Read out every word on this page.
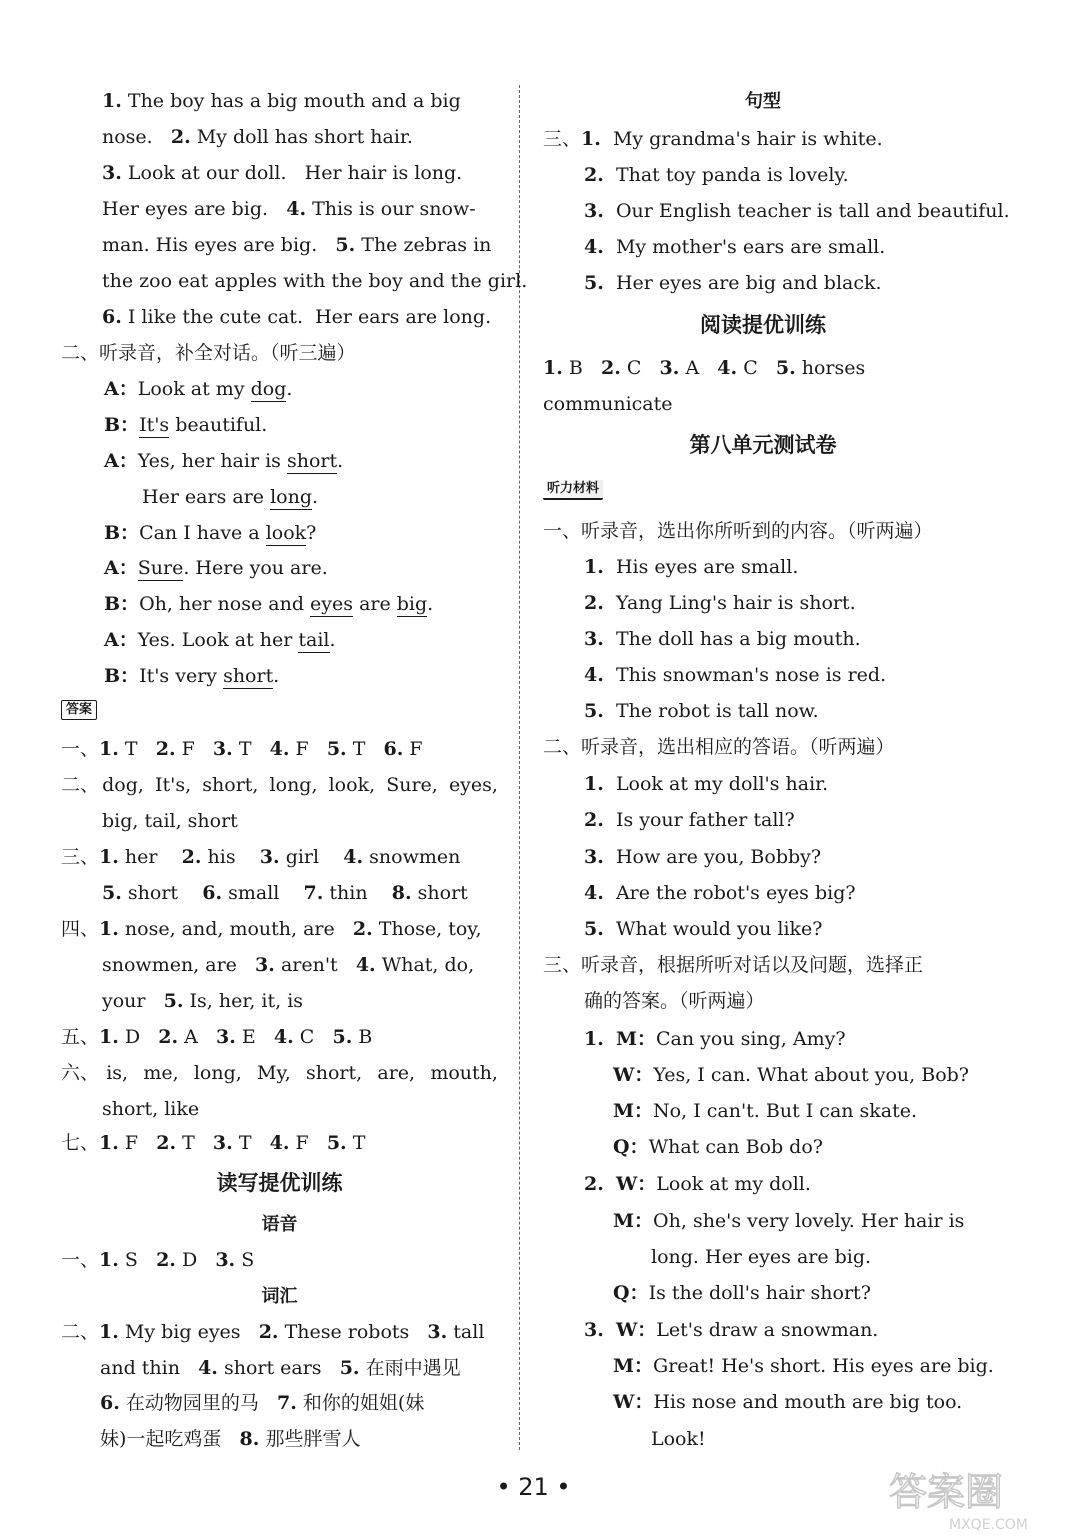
1. The boy has a big mouth and a big
nose. 2. My doll has short hair.
3. Look at our doll. Her hair is long.
Her eyes are big. 4. This is our snow-
man. His eyes are big. 5. The zebras in
the zoo eat apples with the boy and the girl.
6. I like the cute cat. Her ears are long.
二、听录音，补全对话。（听三遍）
A：Look at my dog.
B：It's beautiful.
A：Yes, her hair is short.
Her ears are long.
B：Can I have a look?
A：Sure. Here you are.
B：Oh, her nose and eyes are big.
A：Yes. Look at her tail.
B：It's very short.
答案
一、1. T 2. F 3. T 4. F 5. T 6. F
二、 dog, It's, short, long, look, Sure, eyes,
big, tail, short
三、1. her 2. his 3. girl 4. snowmen
5. short 6. small 7. thin 8. short
四、1. nose, and, mouth, are 2. Those, toy,
snowmen, are 3. aren't 4. What, do,
your 5. Is, her, it, is
五、1. D 2. A 3. E 4. C 5. B
六、 is, me, long, My, short, are, mouth,
short, like
七、1. F 2. T 3. T 4. F 5. T
读写提优训练
语音
一、1. S 2. D 3. S
词汇
二、1. My big eyes 2. These robots 3. tall
and thin 4. short ears 5. 在雨中遇见
6. 在动物园里的马 7. 和你的姐姐(妹
妹)一起吃鸡蛋 8. 那些胖雪人
句型
三、1. My grandma's hair is white.
2. That toy panda is lovely.
3. Our English teacher is tall and beautiful.
4. My mother's ears are small.
5. Her eyes are big and black.
阅读提优训练
1. B 2. C 3. A 4. C 5. horses
communicate
第八单元测试卷
听力材料
一、听录音，选出你所听到的内容。（听两遍）
1. His eyes are small.
2. Yang Ling's hair is short.
3. The doll has a big mouth.
4. This snowman's nose is red.
5. The robot is tall now.
二、听录音，选出相应的答语。（听两遍）
1. Look at my doll's hair.
2. Is your father tall?
3. How are you, Bobby?
4. Are the robot's eyes big?
5. What would you like?
三、听录音，根据所听对话以及问题，选择正
确的答案。（听两遍）
1. M：Can you sing, Amy?
W：Yes, I can. What about you, Bob?
M：No, I can't. But I can skate.
Q：What can Bob do?
2. W：Look at my doll.
M：Oh, she's very lovely. Her hair is
long. Her eyes are big.
Q：Is the doll's hair short?
3. W：Let's draw a snowman.
M：Great! He's short. His eyes are big.
W：His nose and mouth are big too.
Look!
• 21 •	答案圈
MXQE.COM
